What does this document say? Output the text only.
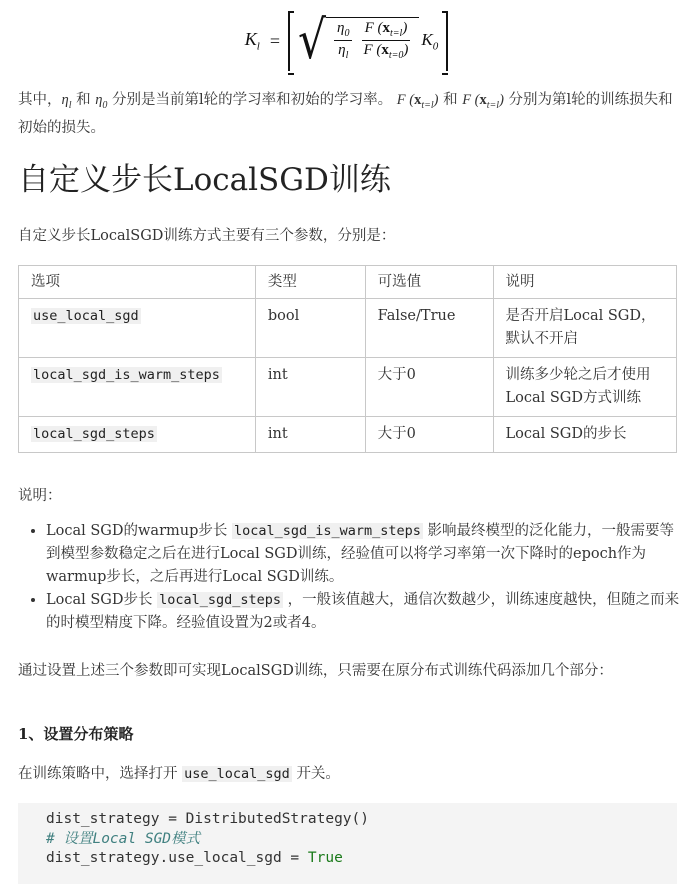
$K_l$ = √ $\frac{\eta_0}{\eta_l} \frac{F (x_{t=l})}{F (x_{t=0})} K_0$
其中，$\eta_l$ 和 $\eta_0$ 分别是当前第l轮的学习率和初始的学习率。 F $(x_{t=l})$ 和 F $(x_{t=l})$ 分别为第l轮的训练损失和初始的损失。
自定义步长LocalSGD训练
自定义步长LocalSGD训练方式主要有三个参数，分别是：
选项	类型	可选值	说明
use_local_sgd	bool	False/True	是否开启Local SGD，默认不开启
local_sgd_is_warm_steps	int	大于0	训练多少轮之后才使用Local SGD方式训练
local_sgd_steps	int	大于0	Local SGD的步长
说明：
• Local SGD的warmup步长 local_sgd_is_warm_steps 影响最终模型的泛化能力，一般需要等到模型参数稳定之后在进行Local SGD训练，经验值可以将学习率第一次下降时的epoch作为warmup步长，之后再进行Local SGD训练。
• Local SGD步长 local_sgd_steps ，一般该值越大，通信次数越少，训练速度越快，但随之而来的时模型精度下降。经验值设置为2或者4。
通过设置上述三个参数即可实现LocalSGD训练，只需要在原分布式训练代码添加几个部分：
1、设置分布策略
在训练策略中，选择打开 use_local_sgd 开关。
dist_strategy = DistributedStrategy()
# 设置Local SGD模式
dist_strategy.use_local_sgd = True
